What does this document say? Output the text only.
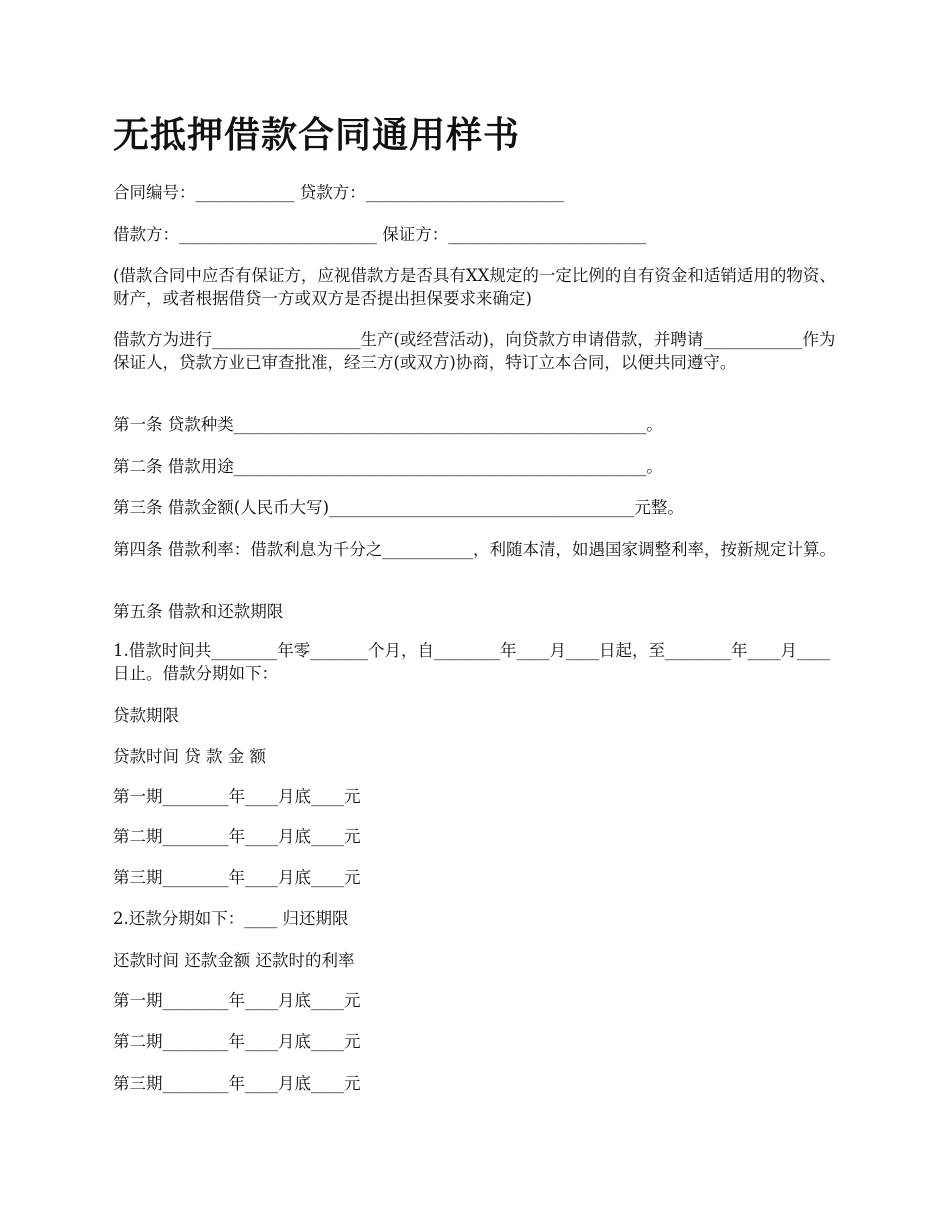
无抵押借款合同通用样书

合同编号：____________ 贷款方：________________________

借款方：________________________ 保证方：________________________

(借款合同中应否有保证方，应视借款方是否具有XX规定的一定比例的自有资金和适销适用的物资、财产，或者根据借贷一方或双方是否提出担保要求来确定)

借款方为进行__________________生产(或经营活动)，向贷款方申请借款，并聘请____________作为保证人，贷款方业已审查批准，经三方(或双方)协商，特订立本合同，以便共同遵守。

第一条 贷款种类__________________________________________________。

第二条 借款用途__________________________________________________。

第三条 借款金额(人民币大写)_____________________________________元整。

第四条 借款利率：借款利息为千分之___________，利随本清，如遇国家调整利率，按新规定计算。

第五条 借款和还款期限

1.借款时间共________年零_______个月，自________年____月____日起，至________年____月____日止。借款分期如下：

贷款期限

贷款时间 贷 款 金 额

第一期________年____月底____元

第二期________年____月底____元

第三期________年____月底____元

2.还款分期如下：____ 归还期限

还款时间 还款金额 还款时的利率

第一期________年____月底____元

第二期________年____月底____元

第三期________年____月底____元
